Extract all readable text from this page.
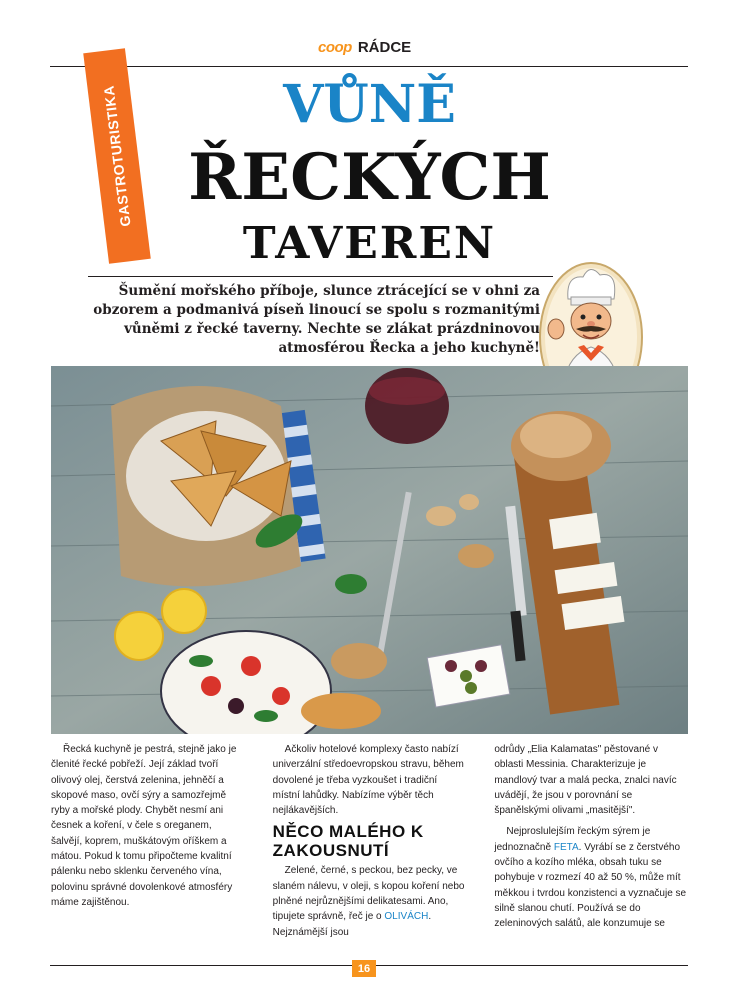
coop RÁDCE
GASTROTURISTIKA	VŮNĚ
ŘECKÝCH
TAVEREN
Šumění mořského příboje, slunce ztrácející se v ohni za obzorem a podmanivá píseň linoucí se spolu s rozmanitými vůněmi z řecké taverny. Nechte se zlákat prázdninovou atmosférou Řecka a jeho kuchyně!

Řecká kuchyně je pestrá, stejně jako je členité řecké pobřeží. Její základ tvoří olivový olej, čerstvá zelenina, jehněčí a skopové maso, ovčí sýry a samozřejmě ryby a mořské plody. Chybět nesmí ani česnek a koření, v čele s oreganem, šalvějí, koprem, muškátovým oříškem a mátou. Pokud k tomu připočteme kvalitní pálenku nebo sklenku červeného vína, polovinu správné dovolenkové atmosféry máme zajištěnou.

Ačkoliv hotelové komplexy často nabízí univerzální středoevropskou stravu, během dovolené je třeba vyzkoušet i tradiční místní lahůdky. Nabízíme výběr těch nejlákavějších.

NĚCO MALÉHO K ZAKOUSNUTÍ

Zelené, černé, s peckou, bez pecky, ve slaném nálevu, v oleji, s kopou koření nebo plněné nejrůznějšími delikatesami. Ano, tipujete správně, řeč je o OLIVÁCH. Nejznámější jsou

odrůdy „Elia Kalamatas" pěstované v oblasti Messinia. Charakterizuje je mandlový tvar a malá pecka, znalci navíc uvádějí, že jsou v porovnání se španělskými olivami „masitější".

Nejproslulejším řeckým sýrem je jednoznačně FETA. Vyrábí se z čerstvého ovčího a kozího mléka, obsah tuku se pohybuje v rozmezí 40 až 50 %, může mít měkkou i tvrdou konzistenci a vyznačuje se silně slanou chutí. Používá se do zeleninových salátů, ale konzumuje se

16
